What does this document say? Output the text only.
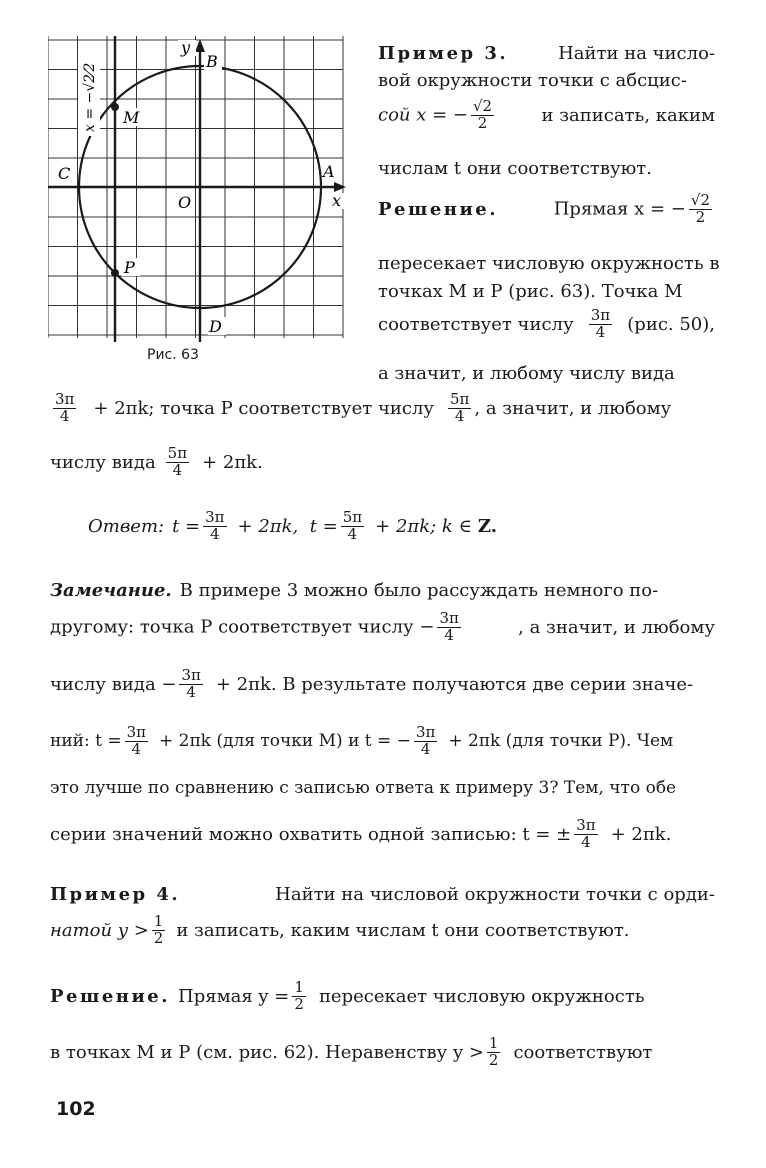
y
B
A
C
O	x
D
M
P
x = −√2⁄2
Рис. 63
Пример 3.	Найти на число-
вой окружности точки с абсцис-
сой x = − $\frac{√2}{2}$	и записать, каким
числам t они соответствуют.
Решение.	Прямая x = − $\frac{√2}{2}$
пересекает числовую окружность в
точках M и P (рис. 63). Точка M
соответствует числу $\frac{3\pi}{4} (рис$. 50),
а значит, и любому числу вида
$\frac{3\pi}{4} + 2\pi k$; точка P соответствует числу $\frac{5\pi}{4}$ , а значит, и любому
числу вида $\frac{5\pi}{4} + 2\pi k$.
Ответ: $t = \frac{3\pi}{4} + 2\pi k$,  $t = \frac{5\pi}{4} + 2\pi k$; k ∈ Z.
Замечание. В примере 3 можно было рассуждать немного по-
другому: точка P соответствует числу − $\frac{3\pi}{4}$	, а значит, и любому
числу вида − $\frac{3\pi}{4} + 2\pi k$. В результате получаются две серии значе-
ний: $t = \frac{3\pi}{4} + 2\pi k$ (для точки M) и t = − $\frac{3\pi}{4} + 2\pi k$ (для точки P). Чем
это лучше по сравнению с записью ответа к примеру 3? Тем, что обе
серии значений можно охватить одной записью: t = ± $\frac{3\pi}{4} + 2\pi k$.
Пример 4.	Найти на числовой окружности точки с орди-
натой $y > \frac{1}{2}$ и записать, каким числам t они соответствуют.
Решение. Прямая $y = \frac{1}{2}$ пересекает числовую окружность
в точках M и P (см. рис. 62). Неравенству $y > \frac{1}{2}$ соответствуют
102
